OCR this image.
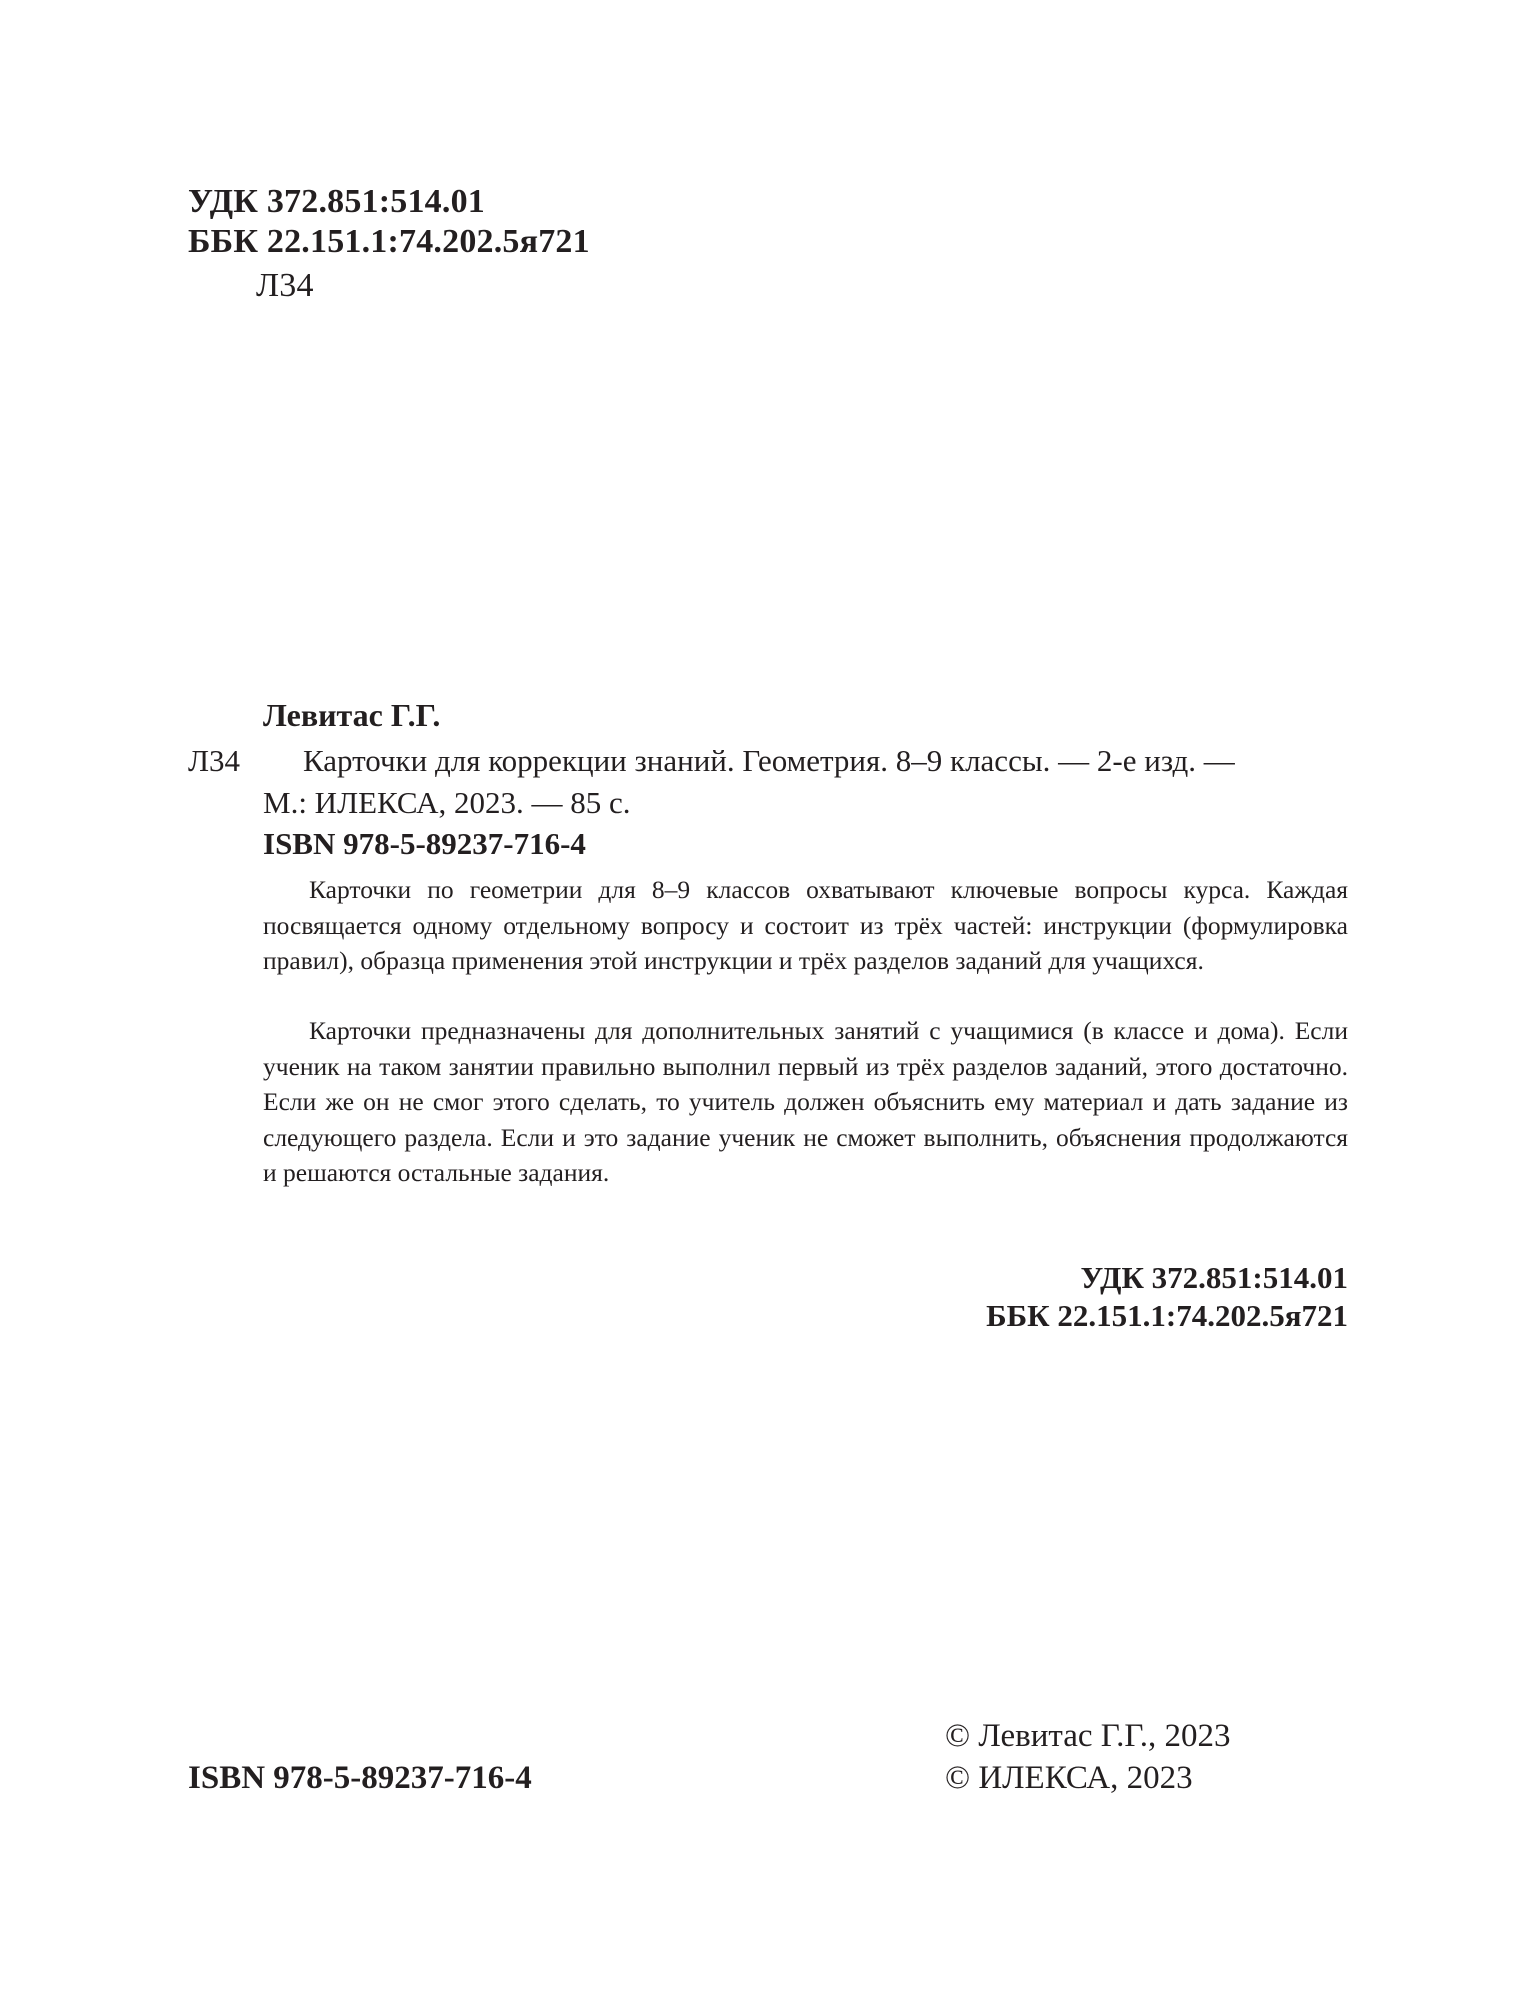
УДК 372.851:514.01
ББК 22.151.1:74.202.5я721
Л34
Левитас Г.Г.
Л34 Карточки для коррекции знаний. Геометрия. 8–9 классы. — 2-е изд. —
М.: ИЛЕКСА, 2023. — 85 с.
ISBN 978-5-89237-716-4

Карточки по геометрии для 8–9 классов охватывают ключевые вопросы курса. Каждая посвящается одному отдельному вопросу и состоит из трёх частей: инструкции (формулировка правил), образца применения этой инструкции и трёх разделов заданий для учащихся.

Карточки предназначены для дополнительных занятий с учащимися (в классе и дома). Если ученик на таком занятии правильно выполнил первый из трёх разделов заданий, этого достаточно. Если же он не смог этого сделать, то учитель должен объяснить ему материал и дать задание из следующего раздела. Если и это задание ученик не сможет выполнить, объяснения продолжаются и решаются остальные задания.

УДК 372.851:514.01
ББК 22.151.1:74.202.5я721
ISBN 978-5-89237-716-4
© Левитас Г.Г., 2023
© ИЛЕКСА, 2023
